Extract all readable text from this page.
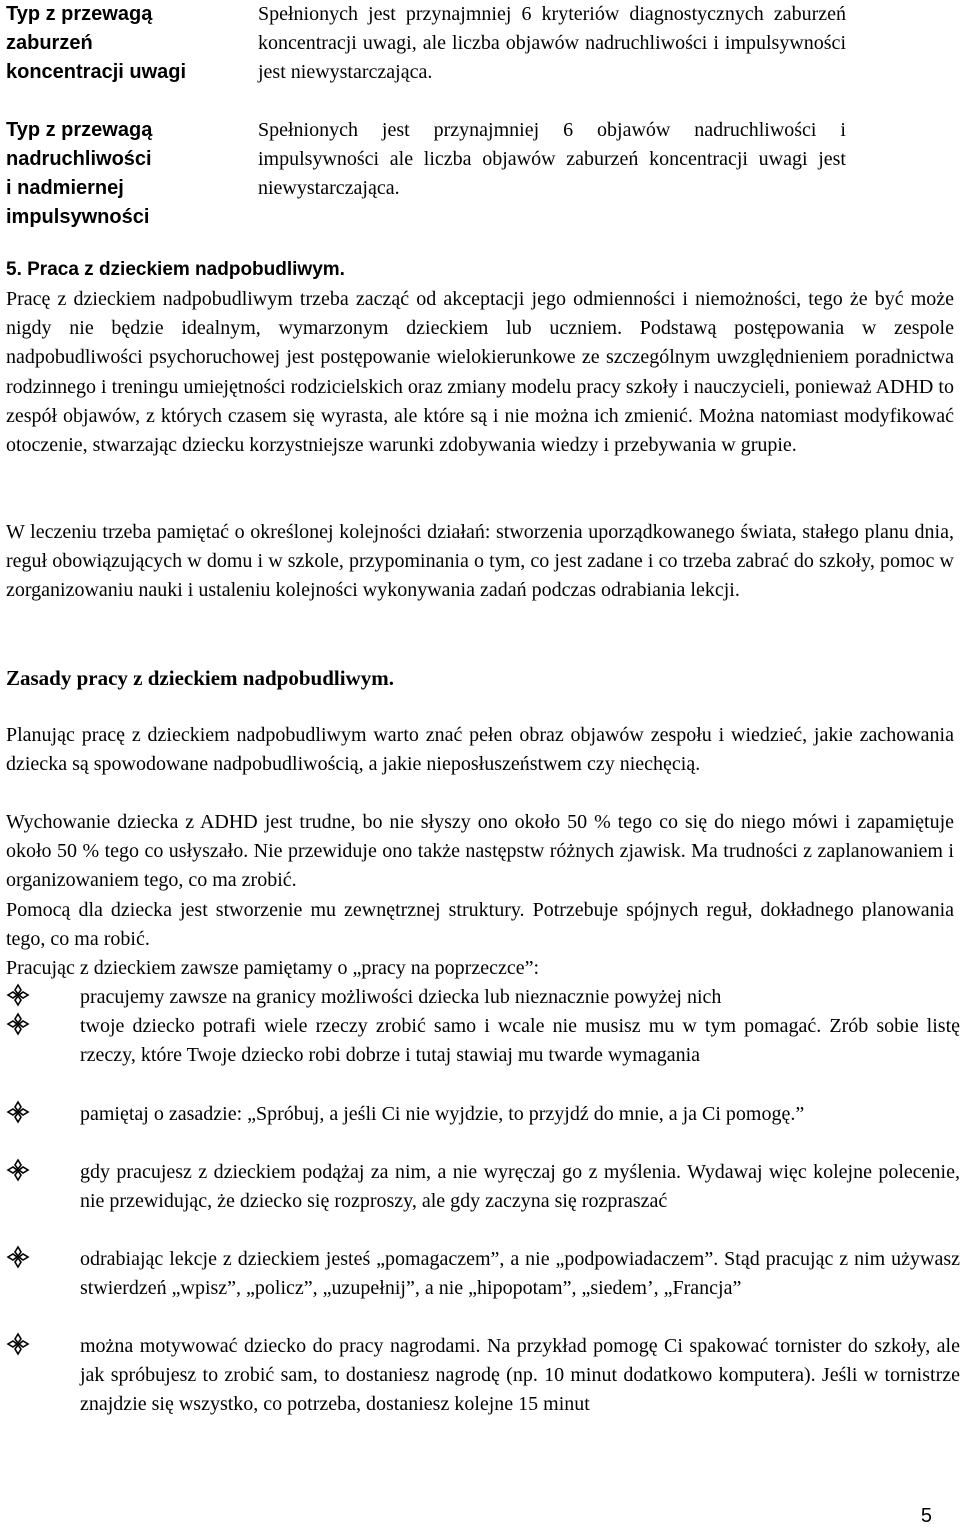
Typ z przewagą
zaburzeń
koncentracji uwagi
Spełnionych jest przynajmniej 6 kryteriów diagnostycznych zaburzeń koncentracji uwagi, ale liczba objawów nadruchliwości i impulsywności jest niewystarczająca.
Typ z przewagą
nadruchliwości
i nadmiernej
impulsywności
Spełnionych jest przynajmniej 6 objawów nadruchliwości i impulsywności ale liczba objawów zaburzeń koncentracji uwagi jest niewystarczająca.
5. Praca z dzieckiem nadpobudliwym.
Pracę z dzieckiem nadpobudliwym trzeba zacząć od akceptacji jego odmienności i niemożności, tego że być może nigdy nie będzie idealnym, wymarzonym dzieckiem lub uczniem. Podstawą postępowania w zespole nadpobudliwości psychoruchowej jest postępowanie wielokierunkowe ze szczególnym uwzględnieniem poradnictwa rodzinnego i treningu umiejętności rodzicielskich oraz zmiany modelu pracy szkoły i nauczycieli, ponieważ ADHD to zespół objawów, z których czasem się wyrasta, ale które są i nie można ich zmienić. Można natomiast modyfikować otoczenie, stwarzając dziecku korzystniejsze warunki zdobywania wiedzy i przebywania w grupie.
W leczeniu trzeba pamiętać o określonej kolejności działań: stworzenia uporządkowanego świata, stałego planu dnia, reguł obowiązujących w domu i w szkole, przypominania o tym, co jest zadane i co trzeba zabrać do szkoły, pomoc w zorganizowaniu nauki i ustaleniu kolejności wykonywania zadań podczas odrabiania lekcji.
Zasady pracy z dzieckiem nadpobudliwym.
Planując pracę z dzieckiem nadpobudliwym warto znać pełen obraz objawów zespołu i wiedzieć, jakie zachowania dziecka są spowodowane nadpobudliwością, a jakie nieposłuszeństwem czy niechęcią.
Wychowanie dziecka z ADHD jest trudne, bo nie słyszy ono około 50 % tego co się do niego mówi i zapamiętuje około 50 % tego co usłyszało. Nie przewiduje ono także następstw różnych zjawisk. Ma trudności z zaplanowaniem i organizowaniem tego, co ma zrobić.
Pomocą dla dziecka jest stworzenie mu zewnętrznej struktury. Potrzebuje spójnych reguł, dokładnego planowania tego, co ma robić.
Pracując z dzieckiem zawsze pamiętamy o „pracy na poprzeczce”:
pracujemy zawsze na granicy możliwości dziecka lub nieznacznie powyżej nich
twoje dziecko potrafi wiele rzeczy zrobić samo i wcale nie musisz mu w tym pomagać. Zrób sobie listę rzeczy, które Twoje dziecko robi dobrze i tutaj stawiaj mu twarde wymagania
pamiętaj o zasadzie: „Spróbuj, a jeśli Ci nie wyjdzie, to przyjdź do mnie, a ja Ci pomogę.”
gdy pracujesz z dzieckiem podążaj za nim, a nie wyręczaj go z myślenia. Wydawaj więc kolejne polecenie, nie przewidując, że dziecko się rozproszy, ale gdy zaczyna się rozpraszać
odrabiając lekcje z dzieckiem jesteś „pomagaczem”, a nie „podpowiadaczem”. Stąd pracując z nim używasz stwierdzeń „wpisz”, „policz”, „uzupełnij”, a nie „hipopotam”, „siedem’, „Francja”
można motywować dziecko do pracy nagrodami. Na przykład pomogę Ci spakować tornister do szkoły, ale jak spróbujesz to zrobić sam, to dostaniesz nagrodę (np. 10 minut dodatkowo komputera). Jeśli w tornistrze znajdzie się wszystko, co potrzeba, dostaniesz kolejne 15 minut
5
